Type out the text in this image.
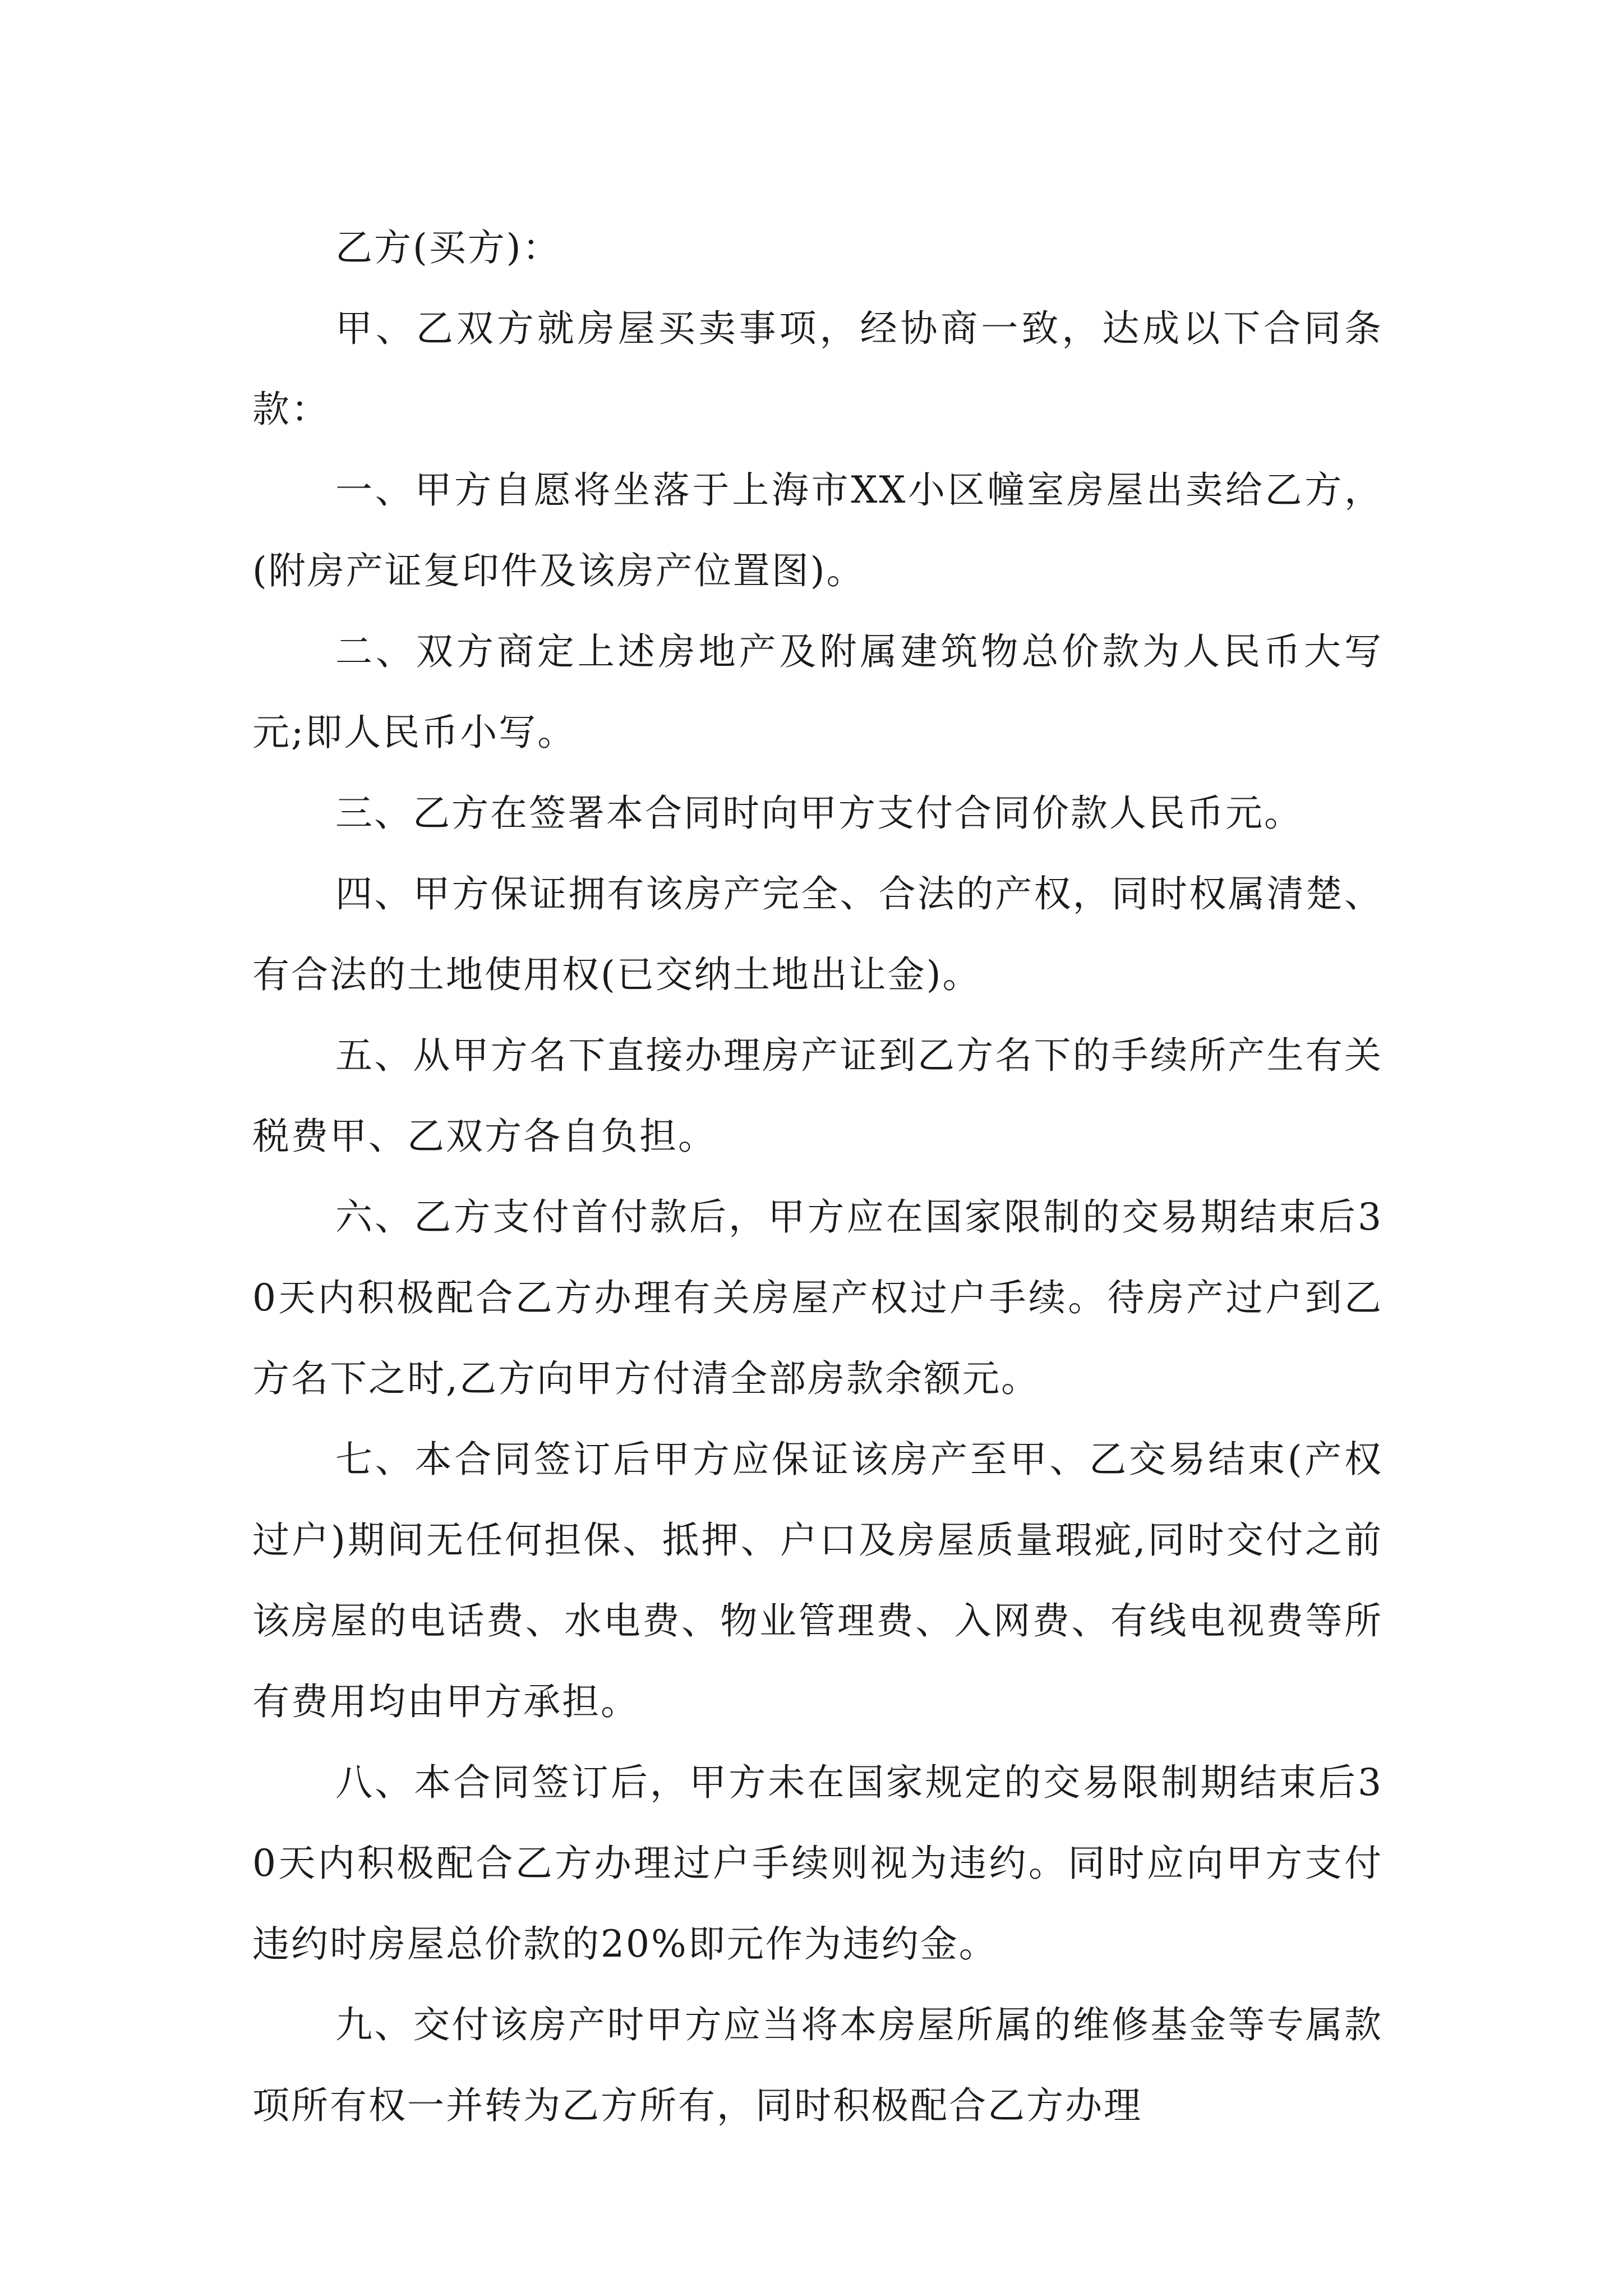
乙方(买方)：

甲、乙双方就房屋买卖事项，经协商一致，达成以下合同条款：

一、甲方自愿将坐落于上海市XX小区幢室房屋出卖给乙方，(附房产证复印件及该房产位置图)。

二、双方商定上述房地产及附属建筑物总价款为人民币大写元;即人民币小写。

三、乙方在签署本合同时向甲方支付合同价款人民币元。

四、甲方保证拥有该房产完全、合法的产权，同时权属清楚、有合法的土地使用权(已交纳土地出让金)。

五、从甲方名下直接办理房产证到乙方名下的手续所产生有关税费甲、乙双方各自负担。

六、乙方支付首付款后，甲方应在国家限制的交易期结束后30天内积极配合乙方办理有关房屋产权过户手续。待房产过户到乙方名下之时,乙方向甲方付清全部房款余额元。

七、本合同签订后甲方应保证该房产至甲、乙交易结束(产权过户)期间无任何担保、抵押、户口及房屋质量瑕疵,同时交付之前该房屋的电话费、水电费、物业管理费、入网费、有线电视费等所有费用均由甲方承担。

八、本合同签订后，甲方未在国家规定的交易限制期结束后30天内积极配合乙方办理过户手续则视为违约。同时应向甲方支付违约时房屋总价款的20%即元作为违约金。

九、交付该房产时甲方应当将本房屋所属的维修基金等专属款项所有权一并转为乙方所有，同时积极配合乙方办理
